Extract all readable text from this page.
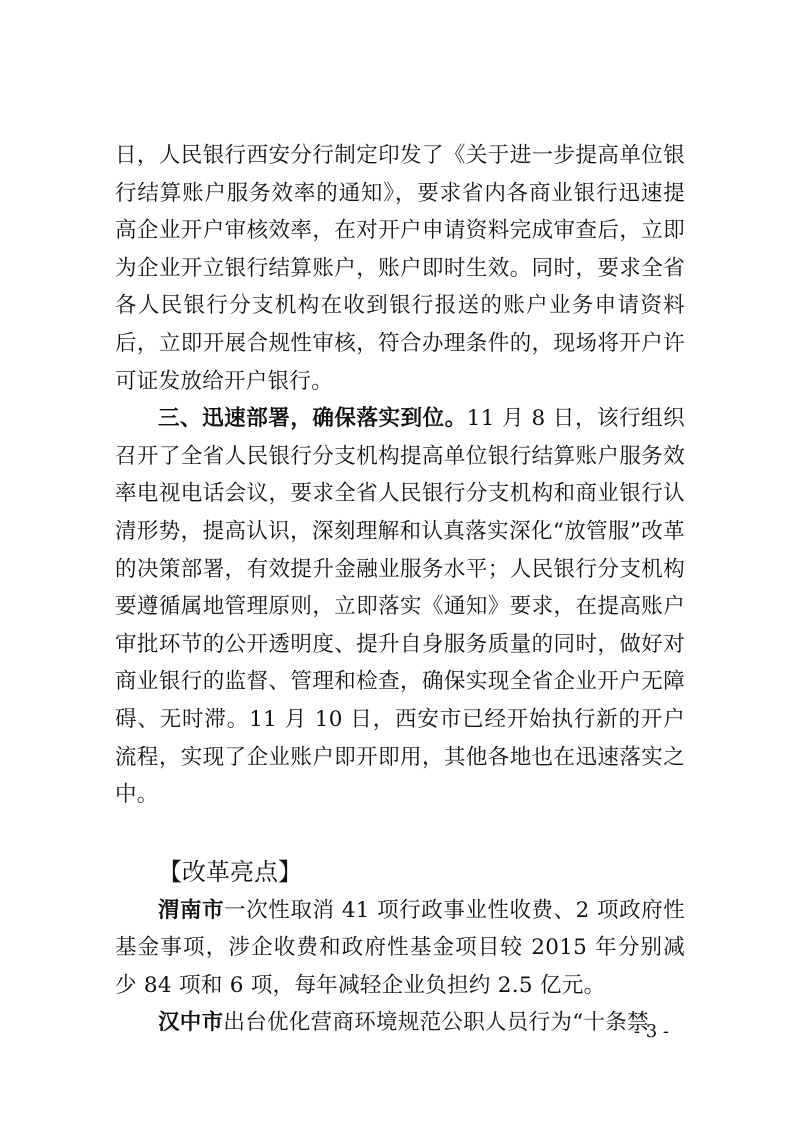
日，人民银行西安分行制定印发了《关于进一步提高单位银行结算账户服务效率的通知》，要求省内各商业银行迅速提高企业开户审核效率，在对开户申请资料完成审查后，立即为企业开立银行结算账户，账户即时生效。同时，要求全省各人民银行分支机构在收到银行报送的账户业务申请资料后，立即开展合规性审核，符合办理条件的，现场将开户许可证发放给开户银行。

三、迅速部署，确保落实到位。11 月 8 日，该行组织召开了全省人民银行分支机构提高单位银行结算账户服务效率电视电话会议，要求全省人民银行分支机构和商业银行认清形势，提高认识，深刻理解和认真落实深化“放管服”改革的决策部署，有效提升金融业服务水平；人民银行分支机构要遵循属地管理原则，立即落实《通知》要求，在提高账户审批环节的公开透明度、提升自身服务质量的同时，做好对商业银行的监督、管理和检查，确保实现全省企业开户无障碍、无时滞。11 月 10 日，西安市已经开始执行新的开户流程，实现了企业账户即开即用，其他各地也在迅速落实之中。

【改革亮点】

渭南市一次性取消 41 项行政事业性收费、2 项政府性基金事项，涉企收费和政府性基金项目较 2015 年分别减少 84 项和 6 项，每年减轻企业负担约 2.5 亿元。

汉中市出台优化营商环境规范公职人员行为“十条禁

- 3 -
